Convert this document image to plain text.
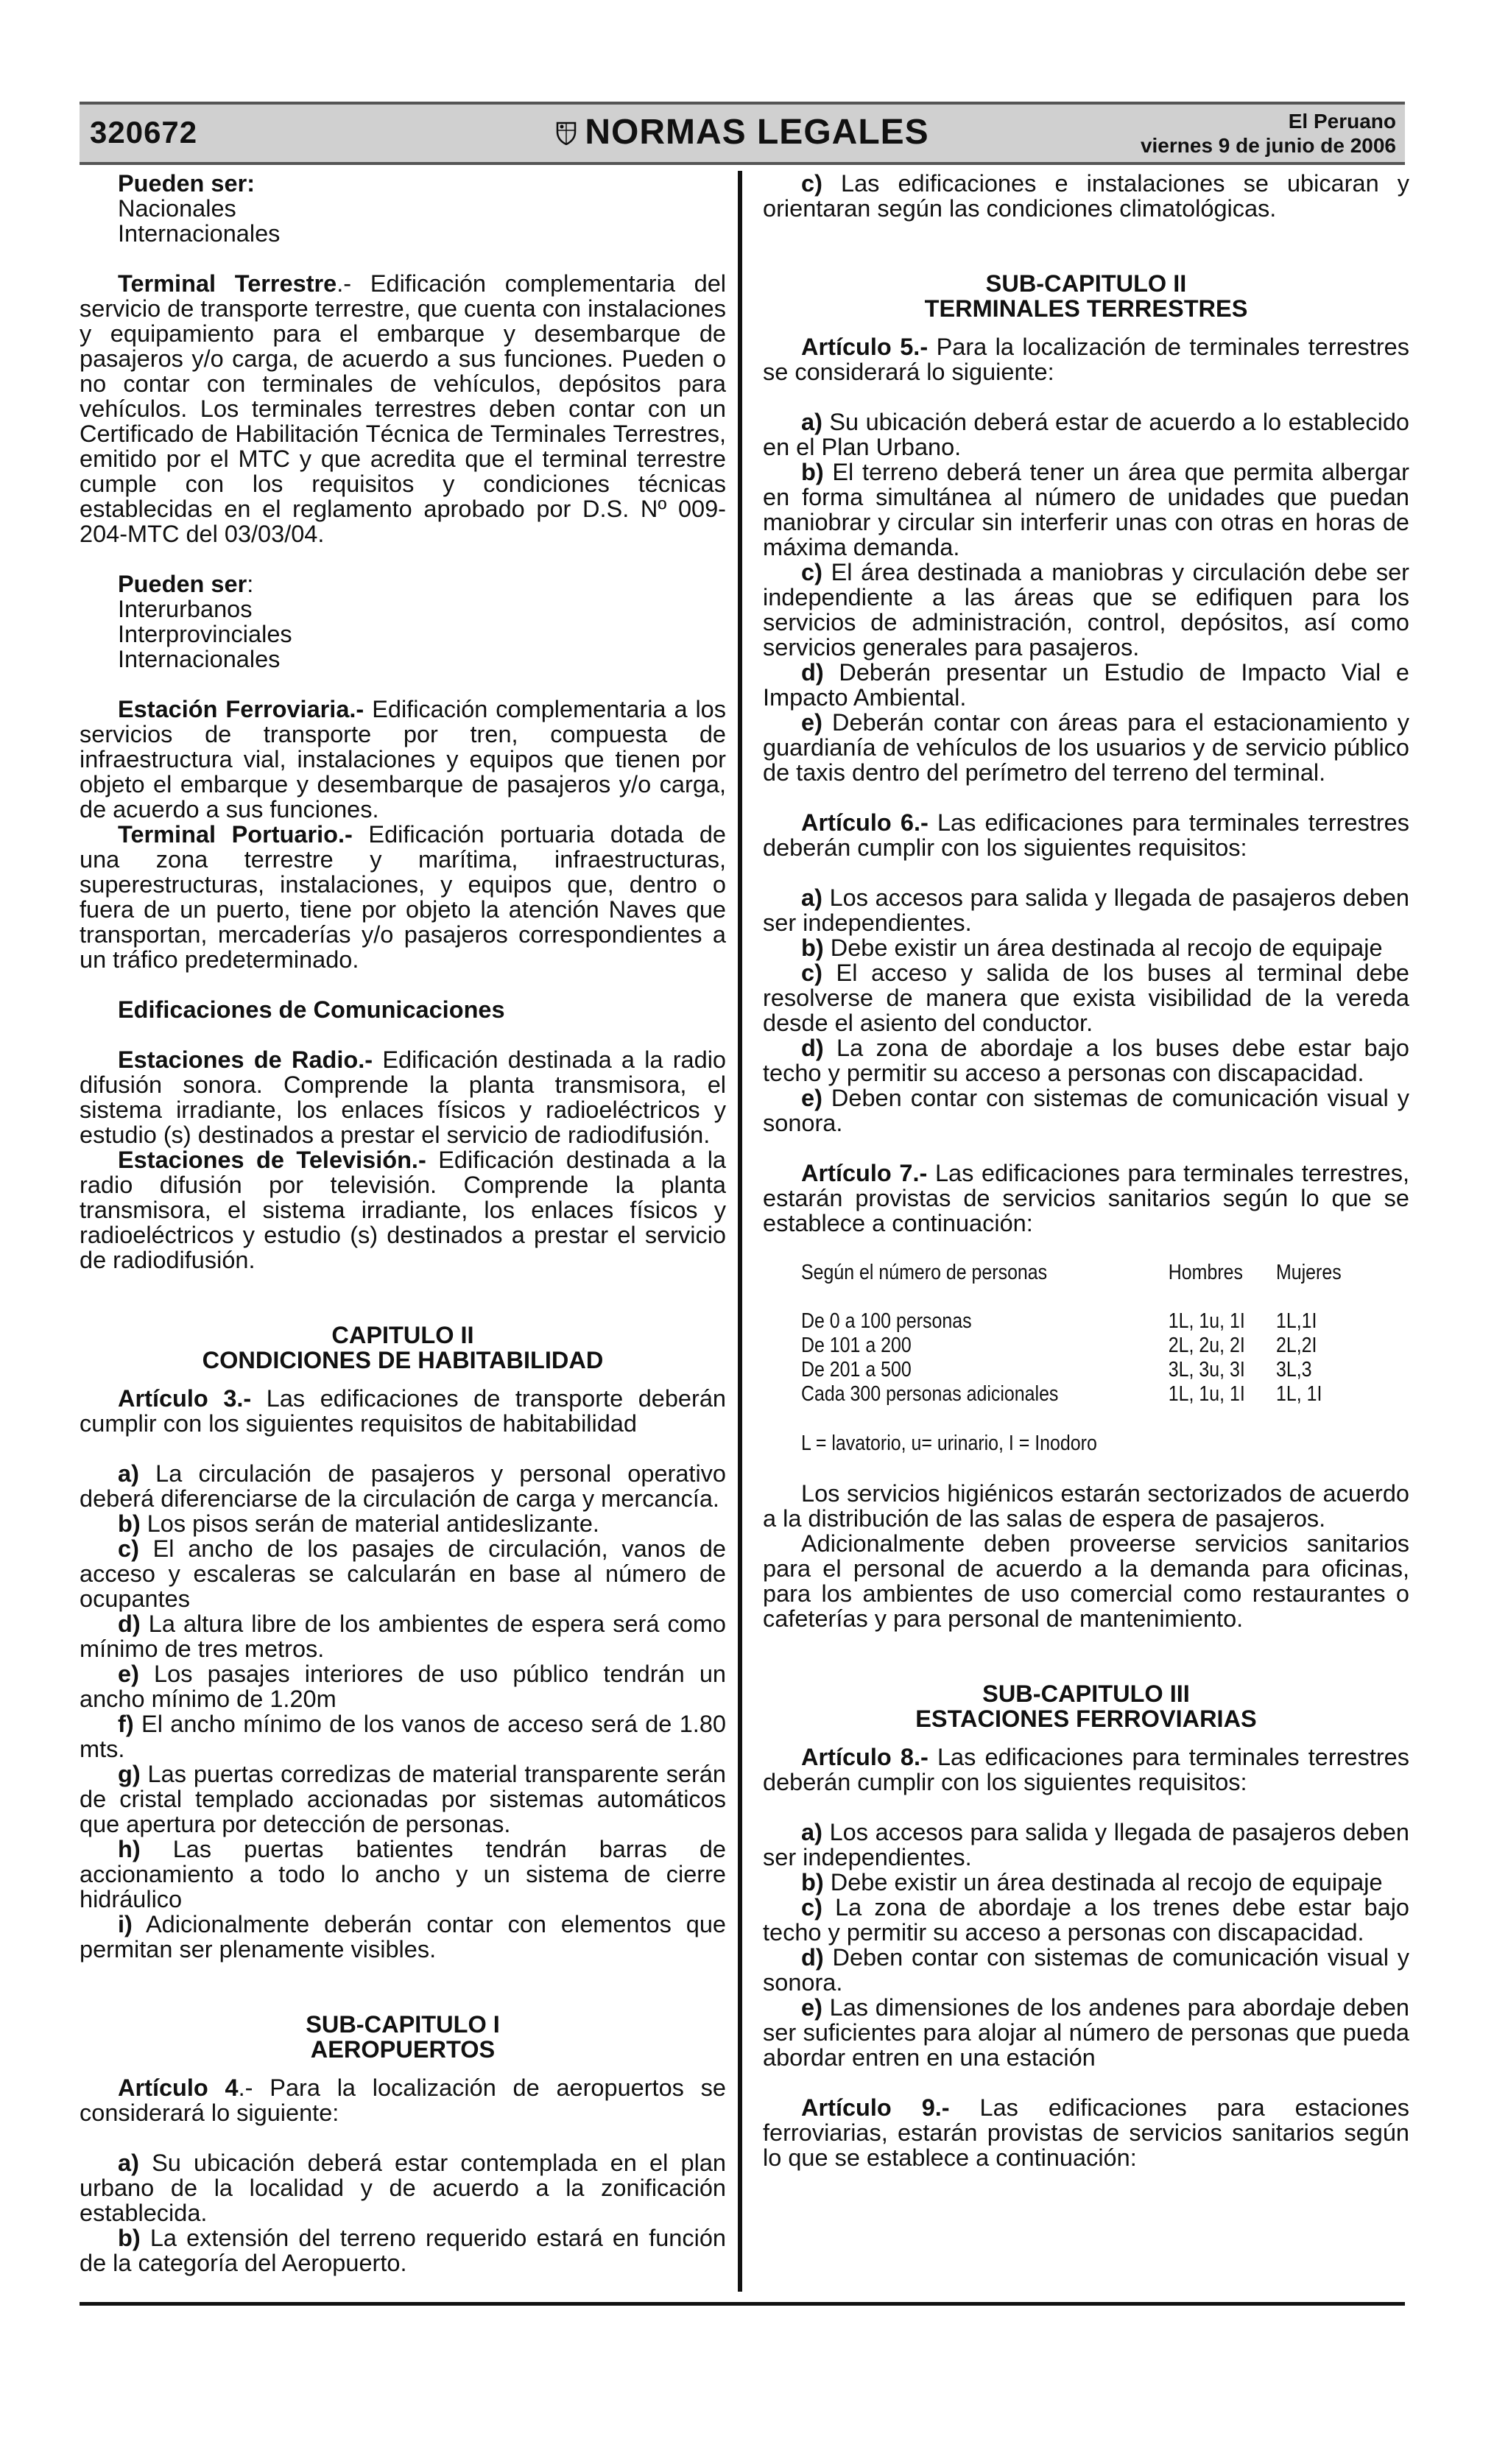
320672	NORMAS LEGALES	El Peruano
viernes 9 de junio de 2006

Pueden ser:

Nacionales

Internacionales

Terminal Terrestre.- Edificación complementaria del servicio de transporte terrestre, que cuenta con instalaciones y equipamiento para el embarque y desembarque de pasajeros y/o carga, de acuerdo a sus funciones. Pueden o no contar con terminales de vehículos, depósitos para vehículos. Los terminales terrestres deben contar con un Certificado de Habilitación Técnica de Terminales Terrestres, emitido por el MTC y que acredita que el terminal terrestre cumple con los requisitos y condiciones técnicas establecidas en el reglamento aprobado por D.S. Nº 009-204-MTC del 03/03/04.

Pueden ser:

Interurbanos

Interprovinciales

Internacionales

Estación Ferroviaria.- Edificación complementaria a los servicios de transporte por tren, compuesta de infraestructura vial, instalaciones y equipos que tienen por objeto el embarque y desembarque de pasajeros y/o carga, de acuerdo a sus funciones.

Terminal Portuario.- Edificación portuaria dotada de una zona terrestre y marítima, infraestructuras, superestructuras, instalaciones, y equipos que, dentro o fuera de un puerto, tiene por objeto la atención Naves que transportan, mercaderías y/o pasajeros correspondientes a un tráfico predeterminado.

Edificaciones de Comunicaciones

Estaciones de Radio.- Edificación destinada a la radio difusión sonora. Comprende la planta transmisora, el sistema irradiante, los enlaces físicos y radioeléctricos y estudio (s) destinados a prestar el servicio de radiodifusión.

Estaciones de Televisión.- Edificación destinada a la radio difusión por televisión. Comprende la planta transmisora, el sistema irradiante, los enlaces físicos y radioeléctricos y estudio (s) destinados a prestar el servicio de radiodifusión.

CAPITULO II

CONDICIONES DE HABITABILIDAD

Artículo 3.- Las edificaciones de transporte deberán cumplir con los siguientes requisitos de habitabilidad

a) La circulación de pasajeros y personal operativo deberá diferenciarse de la circulación de carga y mercancía.

b) Los pisos serán de material antideslizante.

c) El ancho de los pasajes de circulación, vanos de acceso y escaleras se calcularán en base al número de ocupantes

d) La altura libre de los ambientes de espera será como mínimo de tres metros.

e) Los pasajes interiores de uso público tendrán un ancho mínimo de 1.20m

f) El ancho mínimo de los vanos de acceso será de 1.80 mts.

g) Las puertas corredizas de material transparente serán de cristal templado accionadas por sistemas automáticos que apertura por detección de personas.

h) Las puertas batientes tendrán barras de accionamiento a todo lo ancho y un sistema de cierre hidráulico

i) Adicionalmente deberán contar con elementos que permitan ser plenamente visibles.

SUB-CAPITULO I

AEROPUERTOS

Artículo 4.- Para la localización de aeropuertos se considerará lo siguiente:

a) Su ubicación deberá estar contemplada en el plan urbano de la localidad y de acuerdo a la zonificación establecida.

b) La extensión del terreno requerido estará en función de la categoría del Aeropuerto.

c) Las edificaciones e instalaciones se ubicaran y orientaran según las condiciones climatológicas.

SUB-CAPITULO II

TERMINALES TERRESTRES

Artículo 5.- Para la localización de terminales terrestres se considerará lo siguiente:

a) Su ubicación deberá estar de acuerdo a lo establecido en el Plan Urbano.

b) El terreno deberá tener un área que permita albergar en forma simultánea al número de unidades que puedan maniobrar y circular sin interferir unas con otras en horas de máxima demanda.

c) El área destinada a maniobras y circulación debe ser independiente a las áreas que se edifiquen para los servicios de administración, control, depósitos, así como servicios generales para pasajeros.

d) Deberán presentar un Estudio de Impacto Vial e Impacto Ambiental.

e) Deberán contar con áreas para el estacionamiento y guardianía de vehículos de los usuarios y de servicio público de taxis dentro del perímetro del terreno del terminal.

Artículo 6.- Las edificaciones para terminales terrestres deberán cumplir con los siguientes requisitos:

a) Los accesos para salida y llegada de pasajeros deben ser independientes.

b) Debe existir un área destinada al recojo de equipaje

c) El acceso y salida de los buses al terminal debe resolverse de manera que exista visibilidad de la vereda desde el asiento del conductor.

d) La zona de abordaje a los buses debe estar bajo techo y permitir su acceso a personas con discapacidad.

e) Deben contar con sistemas de comunicación visual y sonora.

Artículo 7.- Las edificaciones para terminales terrestres, estarán provistas de servicios sanitarios según lo que se establece a continuación:

Según el número de personas	Hombres	Mujeres

De 0 a 100 personas	1L, 1u, 1I	1L,1I
De 101 a 200	2L, 2u, 2I	2L,2I
De 201 a 500	3L, 3u, 3I	3L,3
Cada 300 personas adicionales	1L, 1u, 1I	1L, 1I
L = lavatorio, u= urinario, I = Inodoro

Los servicios higiénicos estarán sectorizados de acuerdo a la distribución de las salas de espera de pasajeros.

Adicionalmente deben proveerse servicios sanitarios para el personal de acuerdo a la demanda para oficinas, para los ambientes de uso comercial como restaurantes o cafeterías y para personal de mantenimiento.

SUB-CAPITULO III

ESTACIONES FERROVIARIAS

Artículo 8.- Las edificaciones para terminales terrestres deberán cumplir con los siguientes requisitos:

a) Los accesos para salida y llegada de pasajeros deben ser independientes.

b) Debe existir un área destinada al recojo de equipaje

c) La zona de abordaje a los trenes debe estar bajo techo y permitir su acceso a personas con discapacidad.

d) Deben contar con sistemas de comunicación visual y sonora.

e) Las dimensiones de los andenes para abordaje deben ser suficientes para alojar al número de personas que pueda abordar entren en una estación

Artículo 9.- Las edificaciones para estaciones ferroviarias, estarán provistas de servicios sanitarios según lo que se establece a continuación:
